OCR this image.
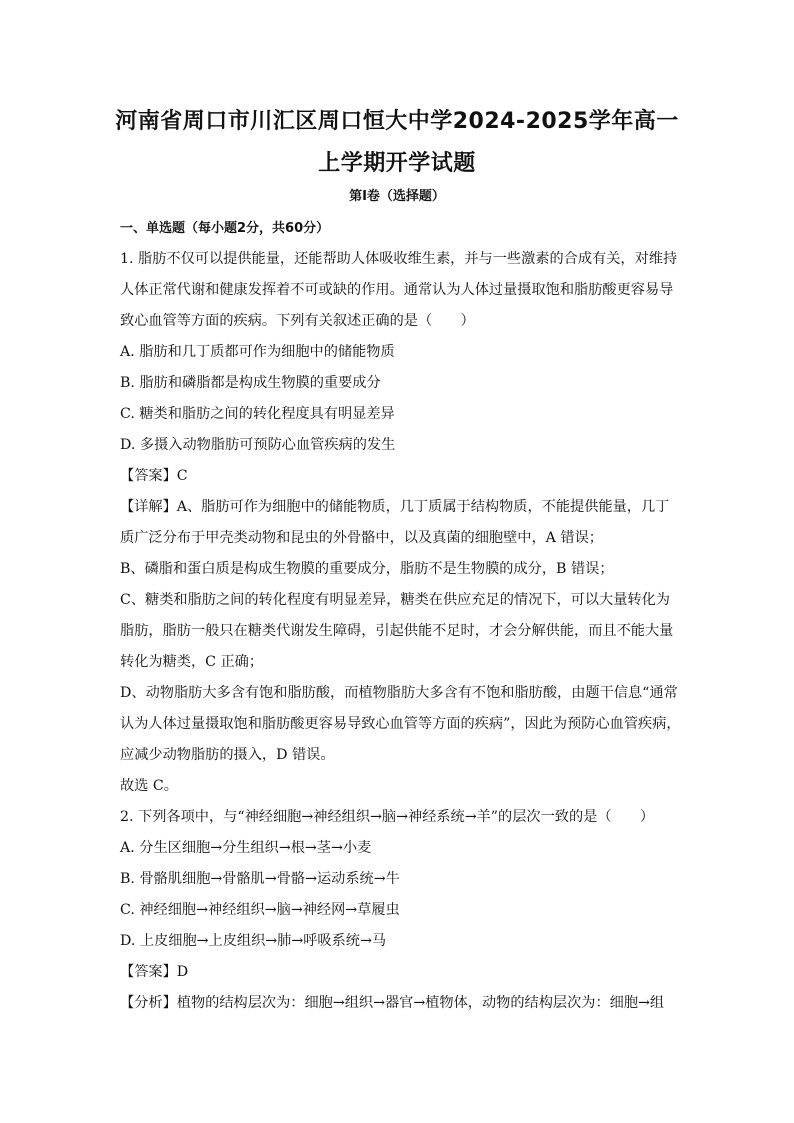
河南省周口市川汇区周口恒大中学2024-2025学年高一
上学期开学试题
第Ⅰ卷（选择题）
一、单选题（每小题2分，共60分）
1. 脂肪不仅可以提供能量，还能帮助人体吸收维生素，并与一些激素的合成有关，对维持
人体正常代谢和健康发挥着不可或缺的作用。通常认为人体过量摄取饱和脂肪酸更容易导
致心血管等方面的疾病。下列有关叙述正确的是（　　）
A. 脂肪和几丁质都可作为细胞中的储能物质
B. 脂肪和磷脂都是构成生物膜的重要成分
C. 糖类和脂肪之间的转化程度具有明显差异
D. 多摄入动物脂肪可预防心血管疾病的发生
【答案】C
【详解】A、脂肪可作为细胞中的储能物质，几丁质属于结构物质，不能提供能量，几丁
质广泛分布于甲壳类动物和昆虫的外骨骼中，以及真菌的细胞壁中，A 错误；
B、磷脂和蛋白质是构成生物膜的重要成分，脂肪不是生物膜的成分，B 错误；
C、糖类和脂肪之间的转化程度有明显差异，糖类在供应充足的情况下，可以大量转化为
脂肪，脂肪一般只在糖类代谢发生障碍，引起供能不足时，才会分解供能，而且不能大量
转化为糖类，C 正确；
D、动物脂肪大多含有饱和脂肪酸，而植物脂肪大多含有不饱和脂肪酸，由题干信息“通常
认为人体过量摄取饱和脂肪酸更容易导致心血管等方面的疾病”，因此为预防心血管疾病，
应减少动物脂肪的摄入，D 错误。
故选 C。
2. 下列各项中，与“神经细胞→神经组织→脑→神经系统→羊”的层次一致的是（　　）
A. 分生区细胞→分生组织→根→茎→小麦
B. 骨骼肌细胞→骨骼肌→骨骼→运动系统→牛
C. 神经细胞→神经组织→脑→神经网→草履虫
D. 上皮细胞→上皮组织→肺→呼吸系统→马
【答案】D
【分析】植物的结构层次为：细胞→组织→器官→植物体，动物的结构层次为：细胞→组
